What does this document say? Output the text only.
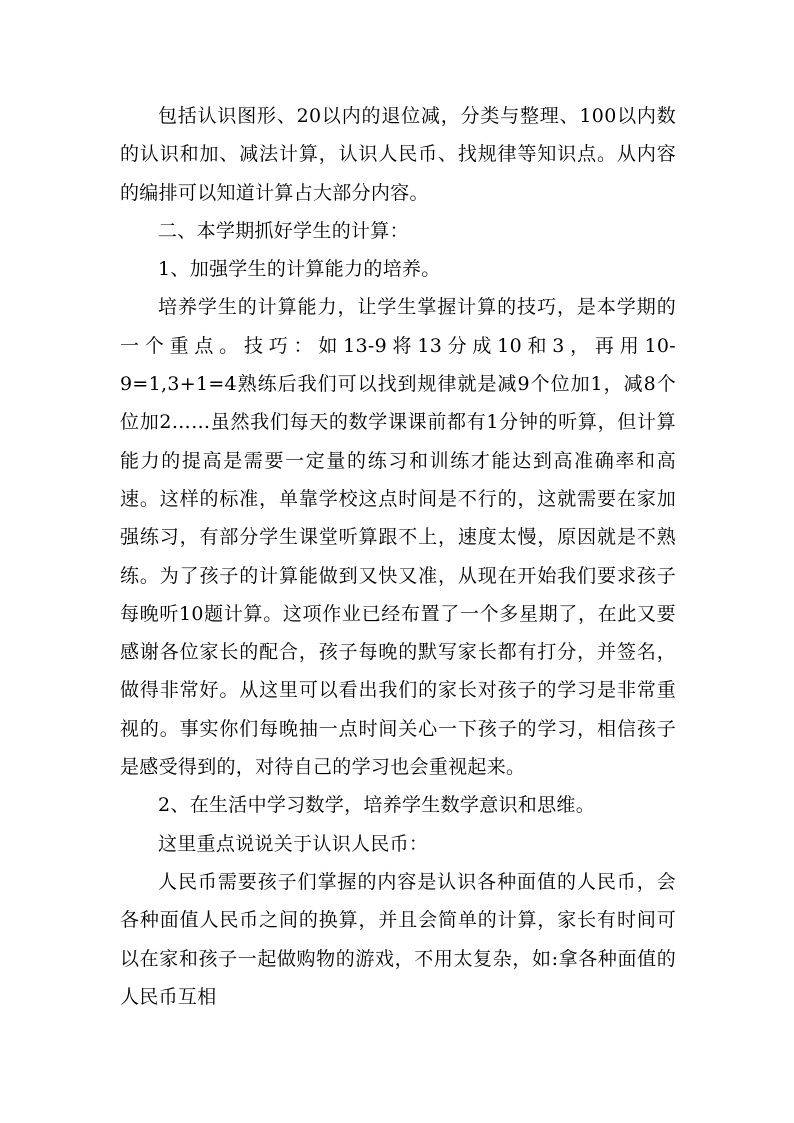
包括认识图形、20以内的退位减，分类与整理、100以内数的认识和加、减法计算，认识人民币、找规律等知识点。从内容的编排可以知道计算占大部分内容。

二、本学期抓好学生的计算：

1、加强学生的计算能力的培养。

培养学生的计算能力，让学生掌握计算的技巧，是本学期的一个重点。技巧：如13-9将13分成10和3，再用10-9=1,3+1=4熟练后我们可以找到规律就是减9个位加1，减8个位加2……虽然我们每天的数学课课前都有1分钟的听算，但计算能力的提高是需要一定量的练习和训练才能达到高准确率和高速。这样的标准，单靠学校这点时间是不行的，这就需要在家加强练习，有部分学生课堂听算跟不上，速度太慢，原因就是不熟练。为了孩子的计算能做到又快又准，从现在开始我们要求孩子每晚听10题计算。这项作业已经布置了一个多星期了，在此又要感谢各位家长的配合，孩子每晚的默写家长都有打分，并签名，做得非常好。从这里可以看出我们的家长对孩子的学习是非常重视的。事实你们每晚抽一点时间关心一下孩子的学习，相信孩子是感受得到的，对待自己的学习也会重视起来。

2、在生活中学习数学，培养学生数学意识和思维。

这里重点说说关于认识人民币：

人民币需要孩子们掌握的内容是认识各种面值的人民币，会各种面值人民币之间的换算，并且会简单的计算，家长有时间可以在家和孩子一起做购物的游戏，不用太复杂，如:拿各种面值的人民币互相
